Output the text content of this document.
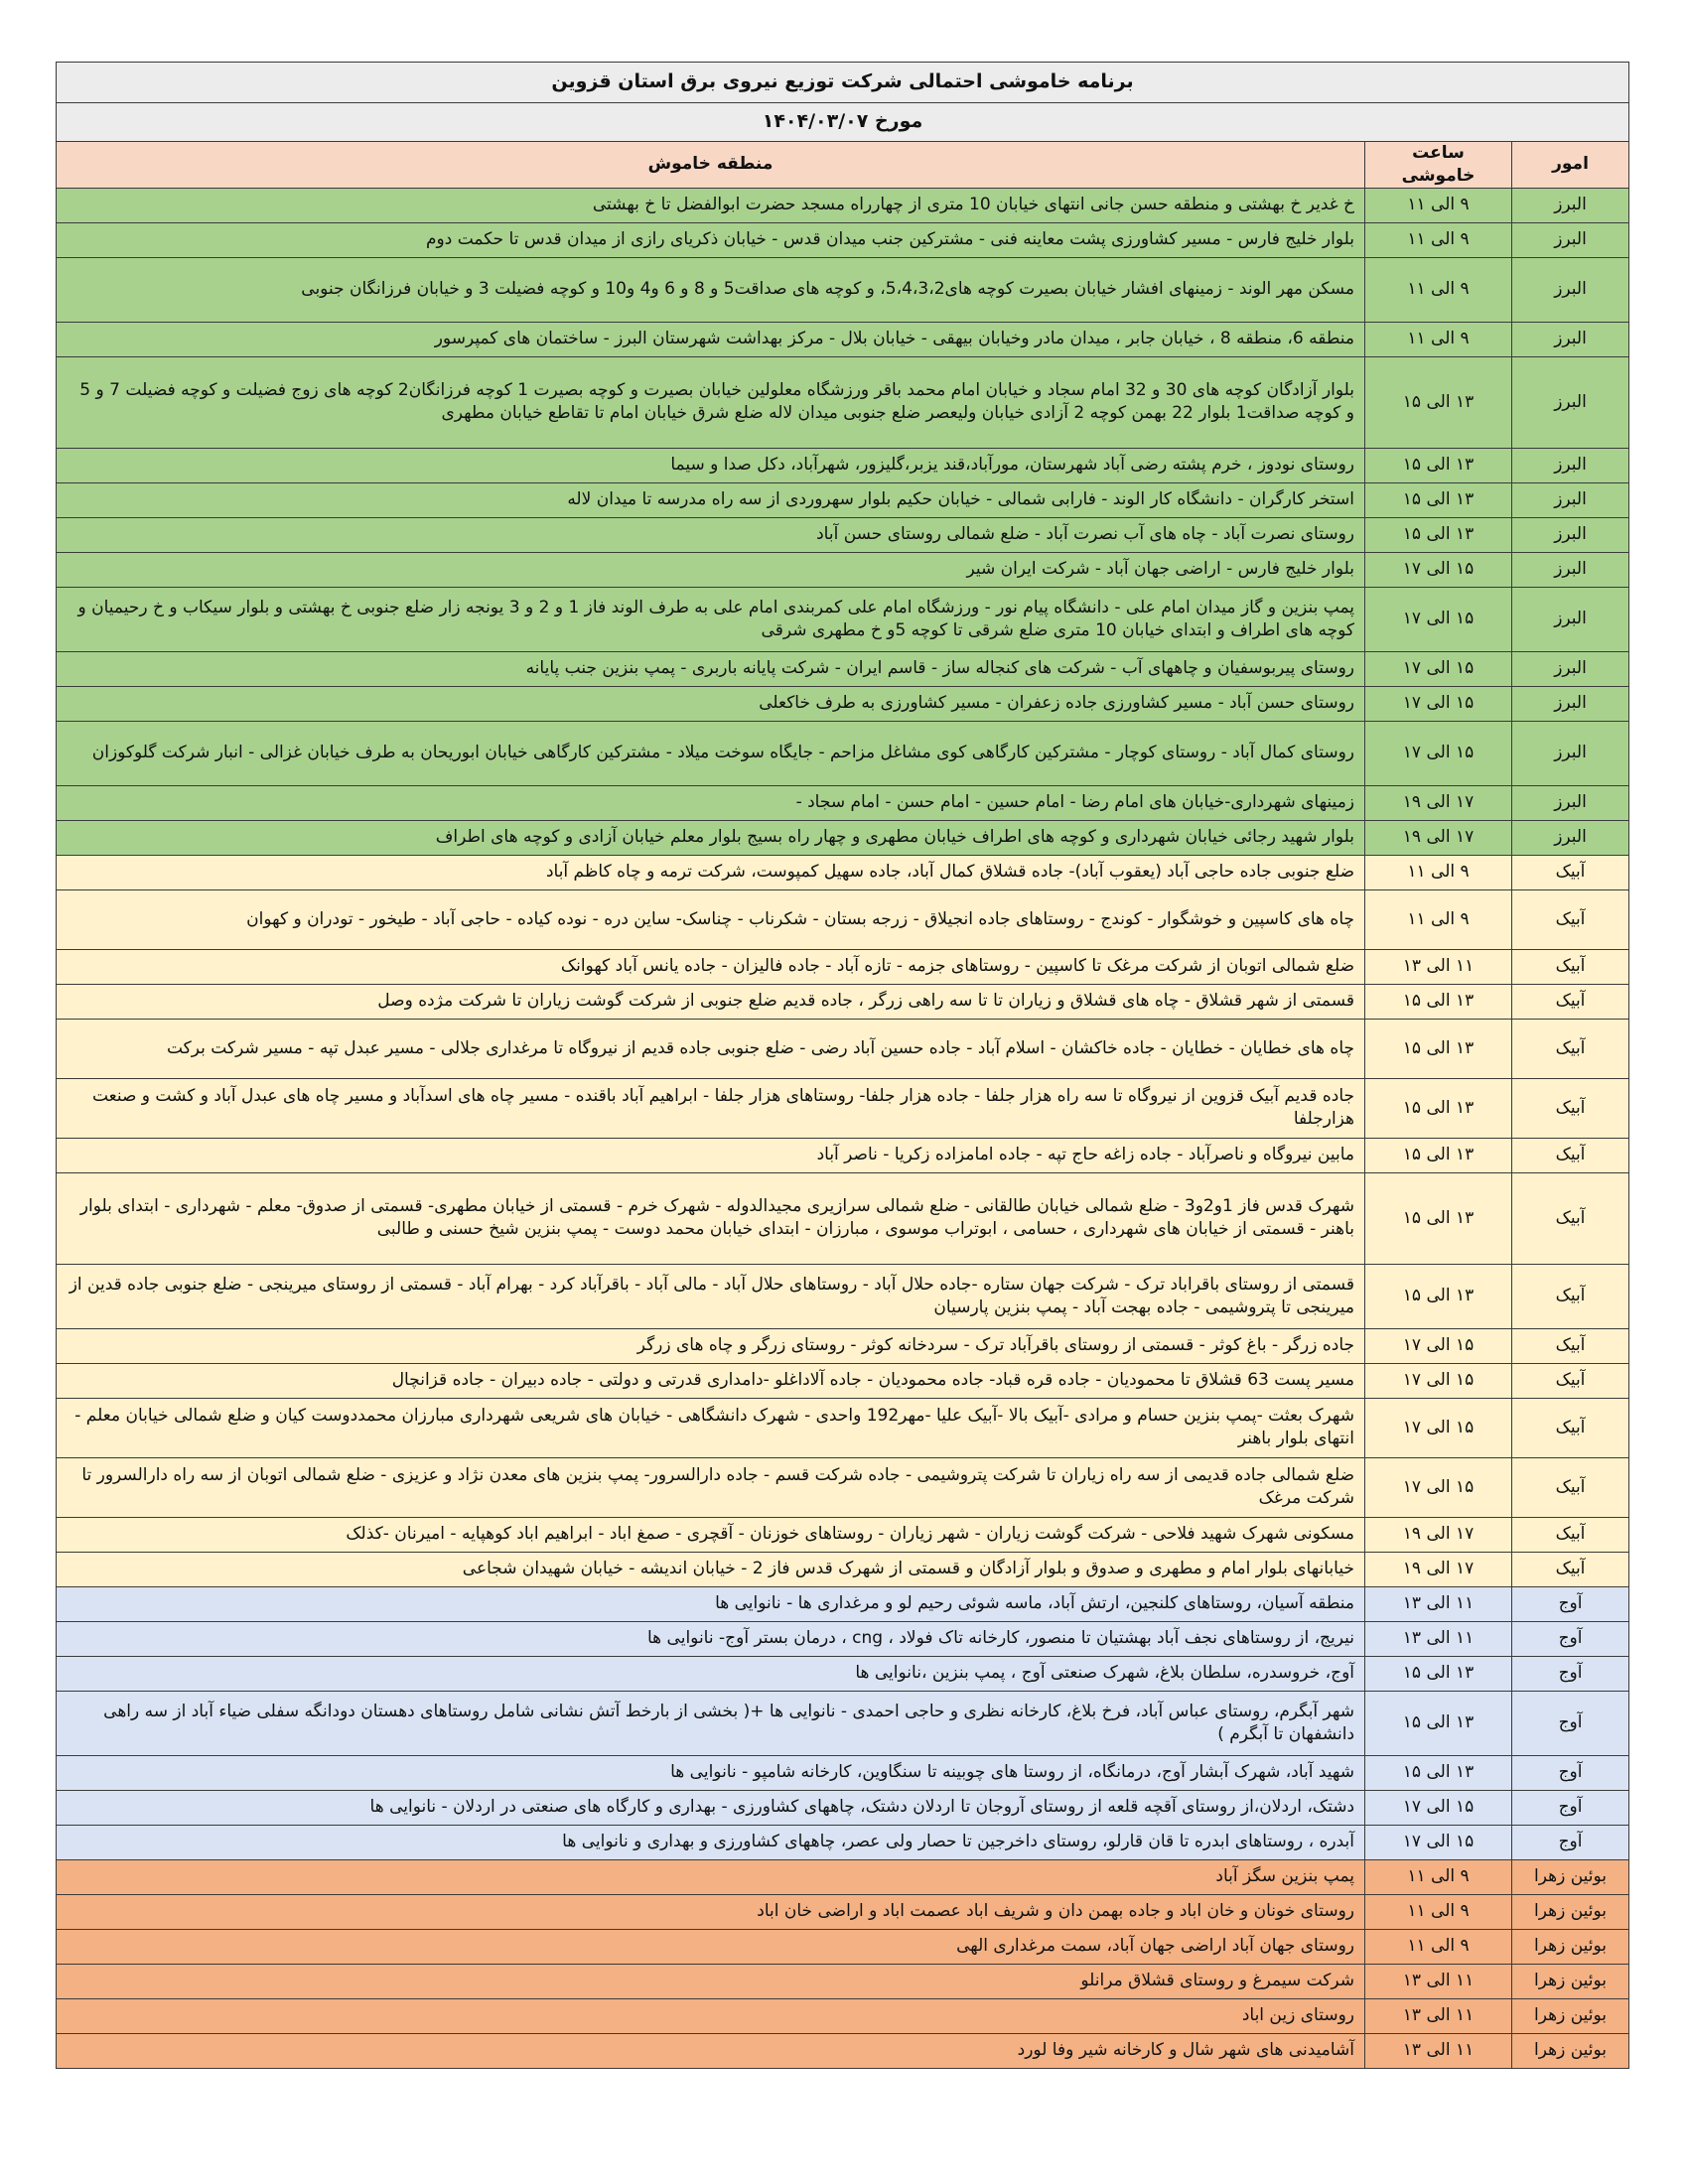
برنامه خاموشی احتمالی شرکت توزیع نیروی برق استان قزوین		
مورخ ۱۴۰۴/۰۳/۰۷		
امور	ساعت خاموشی	منطقه خاموش
البرز	۹ الی ۱۱	خ غدیر خ بهشتی و منطقه حسن جانی انتهای خیابان 10 متری از چهارراه مسجد حضرت ابوالفضل تا خ بهشتی
البرز	۹ الی ۱۱	بلوار خلیج فارس - مسیر کشاورزی پشت معاینه فنی - مشترکین جنب میدان قدس - خیابان ذکریای رازی از میدان قدس تا حکمت دوم
البرز	۹ الی ۱۱	مسکن مهر الوند - زمینهای افشار خیابان بصیرت کوچه های5،4،3،2، و کوچه های صداقت5 و 8 و 6 و4 و10 و کوچه فضیلت 3 و خیابان فرزانگان جنوبی
البرز	۹ الی ۱۱	منطقه 6، منطقه 8 ، خیابان جابر ، میدان مادر وخیابان بیهقی - خیابان بلال - مرکز بهداشت شهرستان البرز - ساختمان های کمپرسور
البرز	۱۳ الی ۱۵	بلوار آزادگان کوچه های 30 و 32 امام سجاد و خیابان امام محمد باقر ورزشگاه معلولین خیابان بصیرت و کوچه بصیرت 1 کوچه فرزانگان2 کوچه های زوج فضیلت و کوچه فضیلت 7 و 5 و کوچه صداقت1 بلوار 22 بهمن کوچه 2 آزادی خیابان ولیعصر ضلع جنوبی میدان لاله ضلع شرق خیابان امام تا تقاطع خیابان مطهری
البرز	۱۳ الی ۱۵	روستای نودوز ، خرم پشته رضی آباد شهرستان، مورآباد،قند یزبر،گلیزور، شهرآباد، دکل صدا و سیما
البرز	۱۳ الی ۱۵	استخر کارگران - دانشگاه کار الوند - فارابی شمالی - خیابان حکیم بلوار سهروردی از سه راه مدرسه تا میدان لاله
البرز	۱۳ الی ۱۵	روستای نصرت آباد - چاه های آب نصرت آباد - ضلع شمالی روستای حسن آباد
البرز	۱۵ الی ۱۷	بلوار خلیج فارس - اراضی جهان آباد - شرکت ایران شیر
البرز	۱۵ الی ۱۷	پمپ بنزین و گاز میدان امام علی - دانشگاه پیام نور - ورزشگاه امام علی کمربندی امام علی به طرف الوند فاز 1 و 2 و 3 یونجه زار ضلع جنوبی خ بهشتی و بلوار سیکاب و خ رحیمیان و کوچه های اطراف و ابتدای خیابان 10 متری ضلع شرقی تا کوچه 5و خ مطهری شرقی
البرز	۱۵ الی ۱۷	روستای پیربوسفیان و چاههای آب - شرکت های کنجاله ساز - قاسم ایران - شرکت پایانه باربری - پمپ بنزین جنب پایانه
البرز	۱۵ الی ۱۷	روستای حسن آباد - مسیر کشاورزی جاده زعفران - مسیر کشاورزی به طرف خاکعلی
البرز	۱۵ الی ۱۷	روستای کمال آباد - روستای کوچار - مشترکین کارگاهی کوی مشاغل مزاحم - جایگاه سوخت میلاد - مشترکین کارگاهی خیابان ابوریحان به طرف خیابان غزالی - انبار شرکت گلوکوزان
البرز	۱۷ الی ۱۹	زمینهای شهرداری-خیابان های امام رضا - امام حسین - امام حسن - امام سجاد -
البرز	۱۷ الی ۱۹	بلوار شهید رجائی خیابان شهرداری و کوچه های اطراف خیابان مطهری و چهار راه بسیج بلوار معلم خیابان آزادی و کوچه های اطراف
آبیک	۹ الی ۱۱	ضلع جنوبی جاده حاجی آباد (یعقوب آباد)- جاده قشلاق کمال آباد، جاده سهیل کمپوست، شرکت ترمه و چاه کاظم آباد
آبیک	۹ الی ۱۱	چاه های کاسپین و خوشگوار - کوندج - روستاهای جاده انجیلاق - زرجه بستان - شکرناب - چناسک- ساین دره - نوده کیاده - حاجی آباد - طیخور - تودران و کهوان
آبیک	۱۱ الی ۱۳	ضلع شمالی اتوبان از شرکت مرغک تا کاسپین - روستاهای جزمه - تازه آباد - جاده فالیزان - جاده یانس آباد کهوانک
آبیک	۱۳ الی ۱۵	قسمتی از شهر قشلاق - چاه های قشلاق و زیاران تا تا سه راهی زرگر ، جاده قدیم ضلع جنوبی از شرکت گوشت زیاران تا شرکت مژده وصل
آبیک	۱۳ الی ۱۵	چاه های خطایان - خطایان - جاده خاکشان - اسلام آباد - جاده حسین آباد رضی - ضلع جنوبی جاده قدیم از نیروگاه تا مرغداری جلالی - مسیر عبدل تپه - مسیر شرکت برکت
آبیک	۱۳ الی ۱۵	جاده قدیم آبیک قزوین از نیروگاه تا سه راه هزار جلفا - جاده هزار جلفا- روستاهای هزار جلفا - ابراهیم آباد باقنده - مسیر چاه های اسدآباد و مسیر چاه های عبدل آباد و کشت و صنعت هزارجلفا
آبیک	۱۳ الی ۱۵	مابین نیروگاه و ناصرآباد - جاده زاغه حاج تپه - جاده امامزاده زکریا - ناصر آباد
آبیک	۱۳ الی ۱۵	شهرک قدس فاز 1و2و3 - ضلع شمالی خیابان طالقانی - ضلع شمالی سرازیری مجیدالدوله - شهرک خرم - قسمتی از خیابان مطهری- قسمتی از صدوق- معلم - شهرداری - ابتدای بلوار باهنر - قسمتی از خیابان های شهرداری ، حسامی ، ابوتراب موسوی ، مبارزان - ابتدای خیابان محمد دوست - پمپ بنزین شیخ حسنی و طالبی
آبیک	۱۳ الی ۱۵	قسمتی از روستای باقراباد ترک - شرکت جهان ستاره -جاده حلال آباد - روستاهای حلال آباد - مالی آباد - باقرآباد کرد - بهرام آباد - قسمتی از روستای میرینجی - ضلع جنوبی جاده قدین از میرینجی تا پتروشیمی - جاده بهجت آباد - پمپ بنزین پارسیان
آبیک	۱۵ الی ۱۷	جاده زرگر - باغ کوثر - قسمتی از روستای باقرآباد ترک - سردخانه کوثر - روستای زرگر و چاه های زرگر
آبیک	۱۵ الی ۱۷	مسیر پست 63 قشلاق تا محمودیان - جاده قره قباد- جاده محمودیان - جاده آلاداغلو -دامداری قدرتی و دولتی - جاده دبیران - جاده قزانچال
آبیک	۱۵ الی ۱۷	شهرک بعثت -پمپ بنزین حسام و مرادی -آبیک بالا -آبیک علیا -مهر192 واحدی - شهرک دانشگاهی - خیابان های شریعی شهرداری مبارزان محمددوست کیان و ضلع شمالی خیابان معلم - انتهای بلوار باهنر
آبیک	۱۵ الی ۱۷	ضلع شمالی جاده قدیمی از سه راه زیاران تا شرکت پتروشیمی - جاده شرکت قسم - جاده دارالسرور- پمپ بنزین های معدن نژاد و عزیزی - ضلع شمالی اتوبان از سه راه دارالسرور تا شرکت مرغک
آبیک	۱۷ الی ۱۹	مسکونی شهرک شهید فلاحی - شرکت گوشت زیاران - شهر زیاران - روستاهای خوزنان - آقچری - صمغ اباد - ابراهیم اباد کوهپایه - امیرنان -کذلک
آبیک	۱۷ الی ۱۹	خیابانهای بلوار امام و مطهری و صدوق و بلوار آزادگان و قسمتی از شهرک قدس فاز 2 - خیابان اندیشه - خیابان شهیدان شجاعی
آوج	۱۱ الی ۱۳	منطقه آسیان، روستاهای کلنجین، ارتش آباد، ماسه شوئی رحیم لو و مرغداری ها - نانوایی ها
آوج	۱۱ الی ۱۳	نیریج، از روستاهای نجف آباد بهشتیان تا منصور، کارخانه تاک فولاد ، cng ، درمان بستر آوج- نانوایی ها
آوج	۱۳ الی ۱۵	آوج، خروسدره، سلطان بلاغ، شهرک صنعتی آوج ، پمپ بنزین ،نانوایی ها
آوج	۱۳ الی ۱۵	شهر آبگرم، روستای عباس آباد، فرخ بلاغ، کارخانه نظری و حاجی احمدی - نانوایی ها +( بخشی از بارخط آتش نشانی شامل روستاهای دهستان دودانگه سفلی ضیاء آباد از سه راهی دانشفهان تا آبگرم )
آوج	۱۳ الی ۱۵	شهید آباد، شهرک آبشار آوج، درمانگاه، از روستا های چوبینه تا سنگاوین، کارخانه شامپو - نانوایی ها
آوج	۱۵ الی ۱۷	دشتک، اردلان،از روستای آقچه قلعه از روستای آروجان تا اردلان دشتک، چاههای کشاورزی - بهداری و کارگاه های صنعتی در اردلان - نانوایی ها
آوج	۱۵ الی ۱۷	آبدره ، روستاهای ابدره تا قان قارلو، روستای داخرجین تا حصار ولی عصر، چاههای کشاورزی و بهداری و نانوایی ها
بوئین زهرا	۹ الی ۱۱	پمپ بنزین سگز آباد
بوئین زهرا	۹ الی ۱۱	روستای خونان و خان اباد و جاده بهمن دان و شریف اباد عصمت اباد و اراضی خان اباد
بوئین زهرا	۹ الی ۱۱	روستای جهان آباد اراضی جهان آباد، سمت مرغداری الهی
بوئین زهرا	۱۱ الی ۱۳	شرکت سیمرغ و روستای قشلاق مرانلو
بوئین زهرا	۱۱ الی ۱۳	روستای زین اباد
بوئین زهرا	۱۱ الی ۱۳	آشامیدنی های شهر شال و کارخانه شیر وفا لورد
